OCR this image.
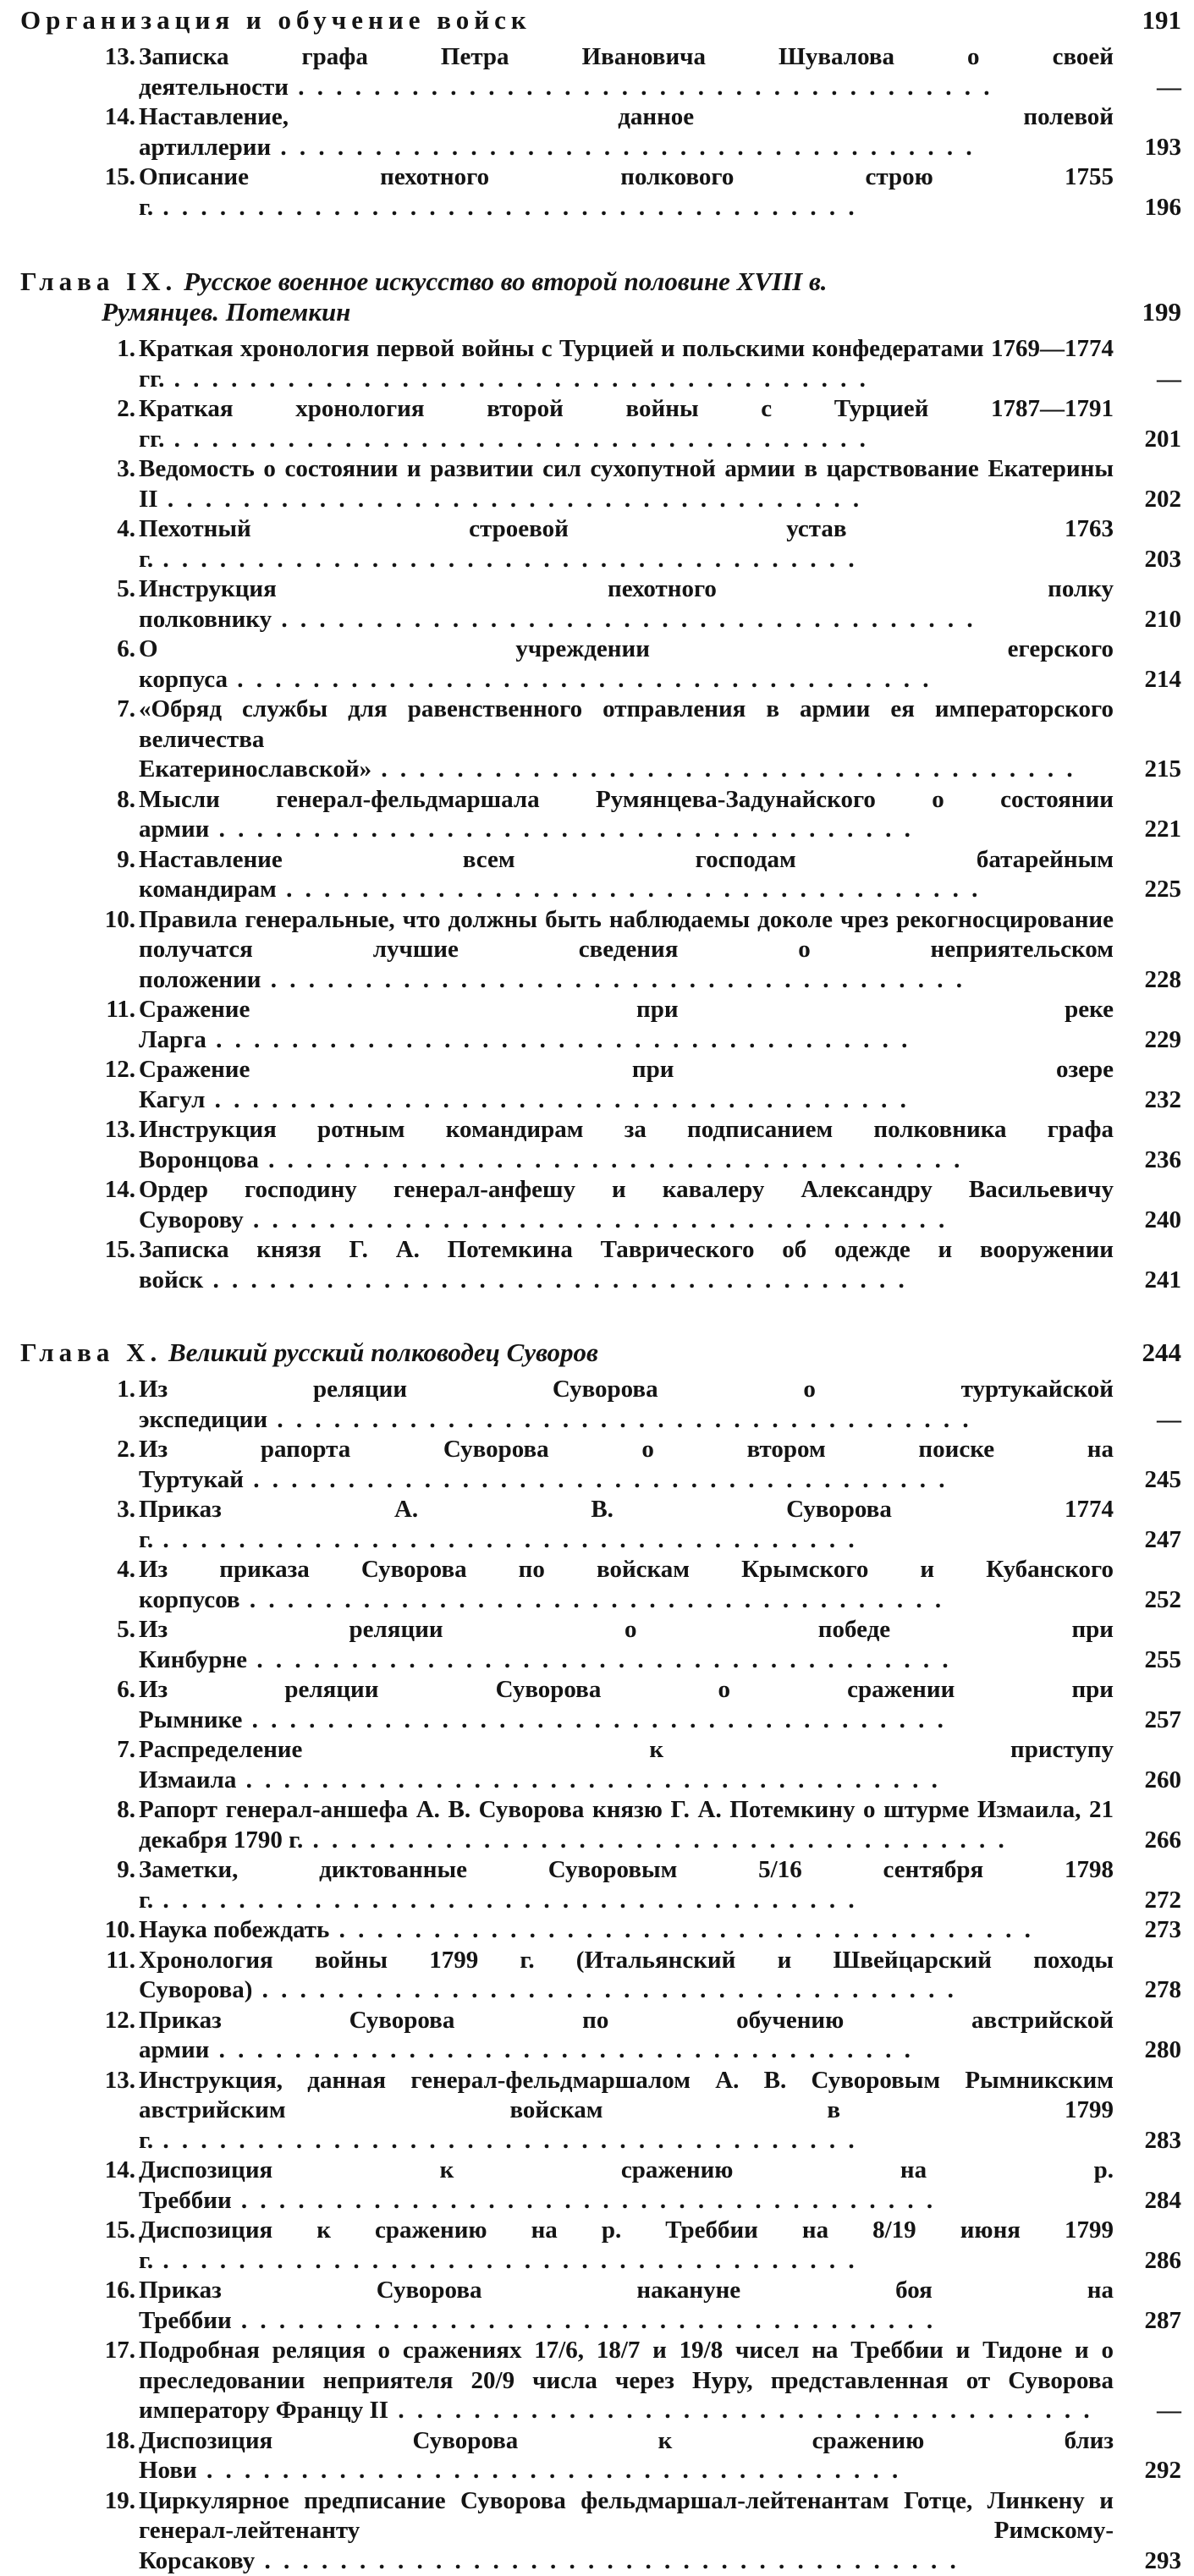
Организация и обучение войск	191
13. Записка графа Петра Ивановича Шувалова о своей деятельности . . .	—
14. Наставление, данное полевой артиллерии . . .	193
15. Описание пехотного полкового строю 1755 г. . . .	196
Глава IX. Русское военное искусство во второй половине XVIII в.
Румянцев. Потемкин	199
1. Краткая хронология первой войны с Турцией и польскими конфедератами 1769—1774 гг. . . .	—
2. Краткая хронология второй войны с Турцией 1787—1791 гг. . . .	201
3. Ведомость о состоянии и развитии сил сухопутной армии в царствование Екатерины II . . .	202
4. Пехотный строевой устав 1763 г. . . .	203
5. Инструкция пехотного полку полковнику . . .	210
6. О учреждении егерского корпуса . . .	214
7. «Обряд службы для равенственного отправления в армии ея императорского величества Екатеринославской» . . .	215
8. Мысли генерал-фельдмаршала Румянцева-Задунайского о состоянии армии . . .	221
9. Наставление всем господам батарейным командирам . . .	225
10. Правила генеральные, что должны быть наблюдаемы доколе чрез рекогносцирование получатся лучшие сведения о неприятельском положении . . .	228
11. Сражение при реке Ларга . . .	229
12. Сражение при озере Кагул . . .	232
13. Инструкция ротным командирам за подписанием полковника графа Воронцова . . .	236
14. Ордер господину генерал-анфешу и кавалеру Александру Васильевичу Суворову . . .	240
15. Записка князя Г. А. Потемкина Таврического об одежде и вооружении войск . . .	241
Глава X. Великий русский полководец Суворов	244
1. Из реляции Суворова о туртукайской экспедиции . . .	—
2. Из рапорта Суворова о втором поиске на Туртукай . . .	245
3. Приказ А. В. Суворова 1774 г. . . .	247
4. Из приказа Суворова по войскам Крымского и Кубанского корпусов . . .	252
5. Из реляции о победе при Кинбурне . . .	255
6. Из реляции Суворова о сражении при Рымнике . . .	257
7. Распределение к приступу Измаила . . .	260
8. Рапорт генерал-аншефа А. В. Суворова князю Г. А. Потемкину о штурме Измаила, 21 декабря 1790 г. . . .	266
9. Заметки, диктованные Суворовым 5/16 сентября 1798 г. . . .	272
10. Наука побеждать . . .	273
11. Хронология войны 1799 г. (Итальянский и Швейцарский походы Суворова) . . .	278
12. Приказ Суворова по обучению австрийской армии . . .	280
13. Инструкция, данная генерал-фельдмаршалом А. В. Суворовым Рымникским австрийским войскам в 1799 г. . . .	283
14. Диспозиция к сражению на р. Треббии . . .	284
15. Диспозиция к сражению на р. Треббии на 8/19 июня 1799 г. . . .	286
16. Приказ Суворова накануне боя на Треббии . . .	287
17. Подробная реляция о сражениях 17/6, 18/7 и 19/8 чисел на Треббии и Тидоне и о преследовании неприятеля 20/9 числа через Нуру, представленная от Суворова императору Францу II . . .	—
18. Диспозиция Суворова к сражению близ Нови . . .	292
19. Циркулярное предписание Суворова фельдмаршал-лейтенантам Готце, Линкену и генерал-лейтенанту Римскому-Корсакову . . .	293
